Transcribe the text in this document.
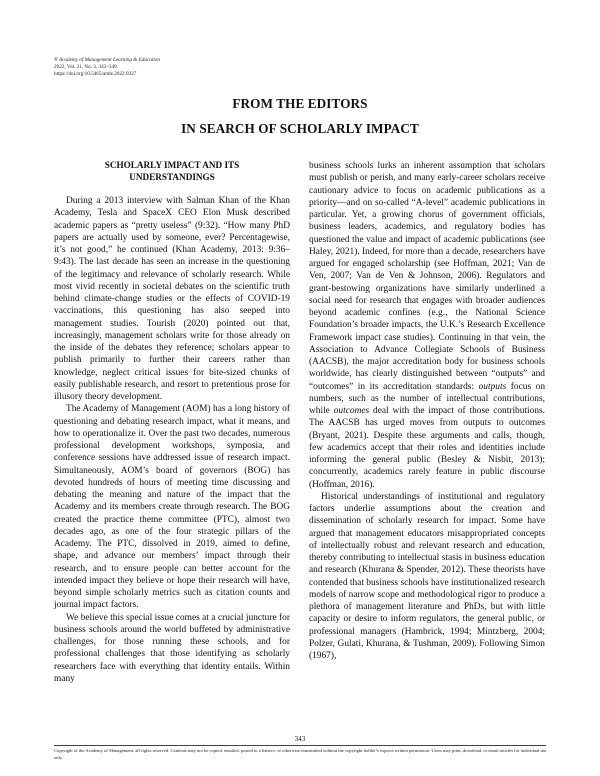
®Academy of Management Learning & Education
2022, Vol. 21, No. 3, 343–349.
https://doi.org/10.5465/amle.2022.0327
FROM THE EDITORS
IN SEARCH OF SCHOLARLY IMPACT
SCHOLARLY IMPACT AND ITS
UNDERSTANDINGS

During a 2013 interview with Salman Khan of the Khan Academy, Tesla and SpaceX CEO Elon Musk described academic papers as “pretty useless” (9:32). “How many PhD papers are actually used by someone, ever? Percentagewise, it’s not good,” he continued (Khan Academy, 2013: 9:36–9:43). The last decade has seen an increase in the questioning of the legitimacy and relevance of scholarly research. While most vivid recently in societal debates on the scientific truth behind climate-change studies or the effects of COVID-19 vaccinations, this questioning has also seeped into management studies. Tourish (2020) pointed out that, increasingly, management scholars write for those already on the inside of the debates they reference; scholars appear to publish primarily to further their careers rather than knowledge, neglect critical issues for bite-sized chunks of easily publishable research, and resort to pretentious prose for illusory theory development.

The Academy of Management (AOM) has a long history of questioning and debating research impact, what it means, and how to operationalize it. Over the past two decades, numerous professional development workshops, symposia, and conference sessions have addressed issue of research impact. Simultaneously, AOM’s board of governors (BOG) has devoted hundreds of hours of meeting time discussing and debating the meaning and nature of the impact that the Academy and its members create through research. The BOG created the practice theme committee (PTC), almost two decades ago, as one of the four strategic pillars of the Academy. The PTC, dissolved in 2019, aimed to define, shape, and advance our members’ impact through their research, and to ensure people can better account for the intended impact they believe or hope their research will have, beyond simple scholarly metrics such as citation counts and journal impact factors.

We believe this special issue comes at a crucial juncture for business schools around the world buffeted by administrative challenges, for those running these schools, and for professional challenges that those identifying as scholarly researchers face with everything that identity entails. Within many

business schools lurks an inherent assumption that scholars must publish or perish, and many early-career scholars receive cautionary advice to focus on academic publications as a priority—and on so-called “A-level” academic publications in particular. Yet, a growing chorus of government officials, business leaders, academics, and regulatory bodies has questioned the value and impact of academic publications (see Haley, 2021). Indeed, for more than a decade, researchers have argued for engaged scholarship (see Hoffman, 2021; Van de Ven, 2007; Van de Ven & Johnson, 2006). Regulators and grant-bestowing organizations have similarly underlined a social need for research that engages with broader audiences beyond academic confines (e.g., the National Science Foundation’s broader impacts, the U.K.’s Research Excellence Framework impact case studies). Continuing in that vein, the Association to Advance Collegiate Schools of Business (AACSB), the major accreditation body for business schools worldwide, has clearly distinguished between “outputs” and “outcomes” in its accreditation standards: outputs focus on numbers, such as the number of intellectual contributions, while outcomes deal with the impact of those contributions. The AACSB has urged moves from outputs to outcomes (Bryant, 2021). Despite these arguments and calls, though, few academics accept that their roles and identities include informing the general public (Besley & Nisbit, 2013); concurrently, academics rarely feature in public discourse (Hoffman, 2016).

Historical understandings of institutional and regulatory factors underlie assumptions about the creation and dissemination of scholarly research for impact. Some have argued that management educators misappropriated concepts of intellectually robust and relevant research and education, thereby contributing to intellectual stasis in business education and research (Khurana & Spender, 2012). These theorists have contended that business schools have institutionalized research models of narrow scope and methodological rigor to produce a plethora of management literature and PhDs, but with little capacity or desire to inform regulators, the general public, or professional managers (Hambrick, 1994; Mintzberg, 2004; Polzer, Gulati, Khurana, & Tushman, 2009). Following Simon (1967),

343
Copyright of the Academy of Management, all rights reserved. Contents may not be copied, emailed, posted to a listserv, or otherwise transmitted without the copyright holder’s express written permission. Users may print, download, or email articles for individual use only.
